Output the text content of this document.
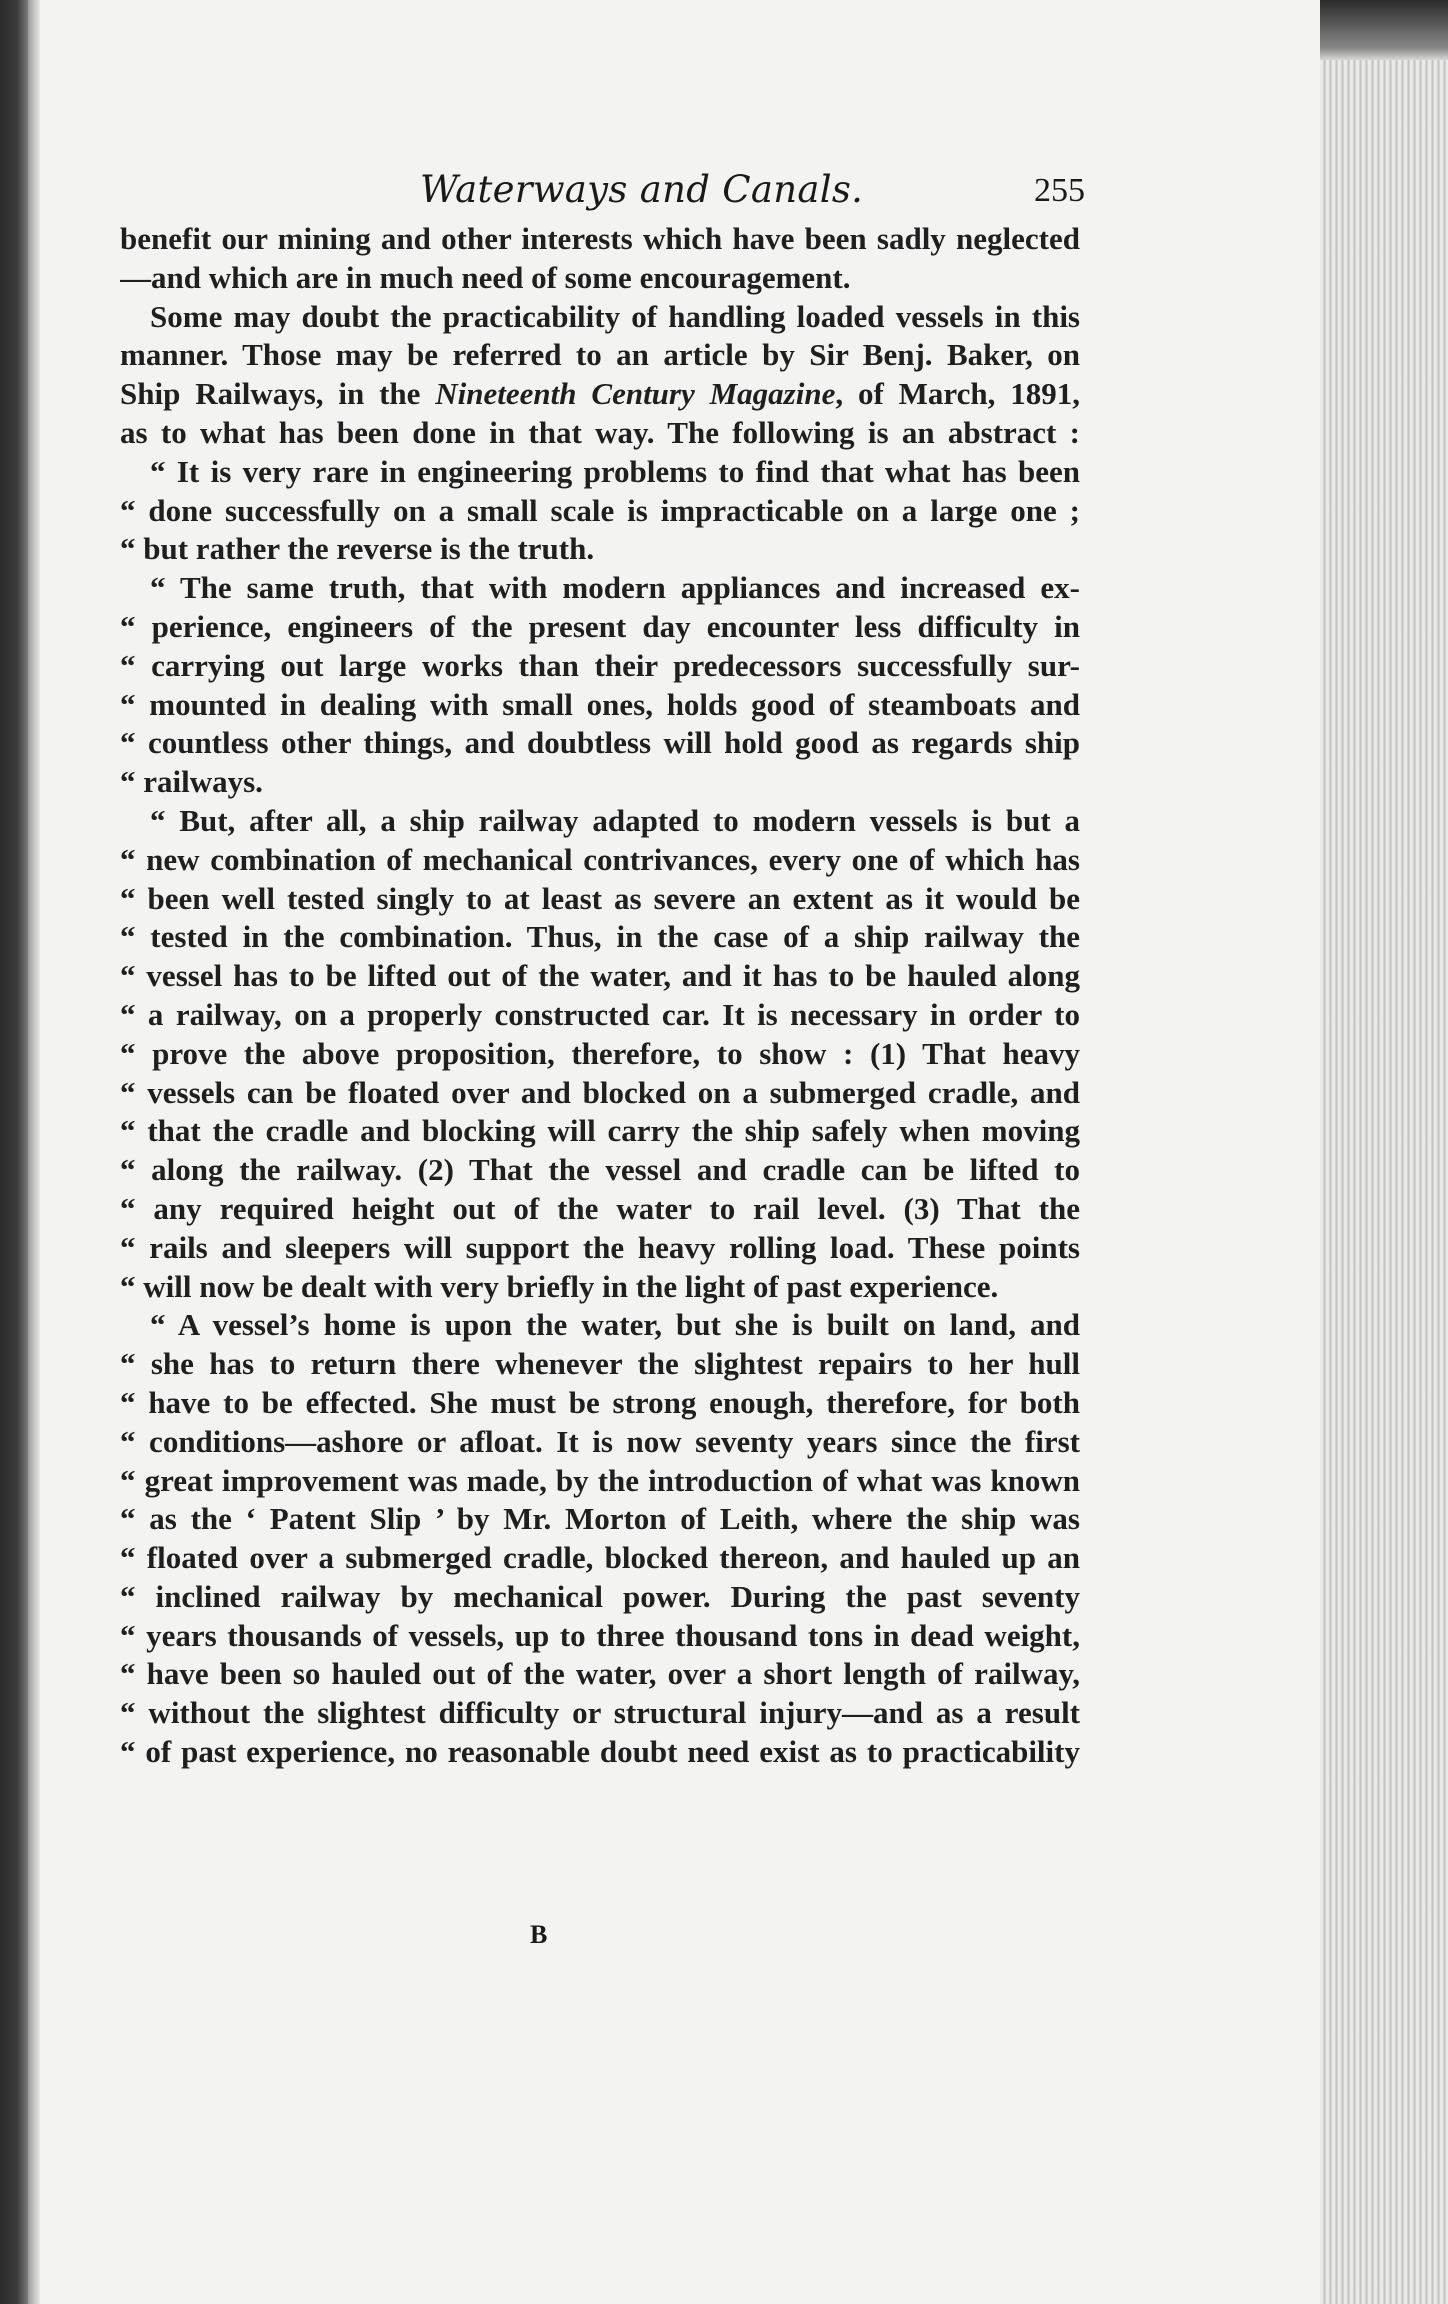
Waterways and Canals.	255
benefit our mining and other interests which have been sadly neglected
—and which are in much need of some encouragement.
Some may doubt the practicability of handling loaded vessels in this
manner. Those may be referred to an article by Sir Benj. Baker, on
Ship Railways, in the Nineteenth Century Magazine, of March, 1891,
as to what has been done in that way. The following is an abstract :
“ It is very rare in engineering problems to find that what has been
“ done successfully on a small scale is impracticable on a large one ;
“ but rather the reverse is the truth.
“ The same truth, that with modern appliances and increased ex-
“ perience, engineers of the present day encounter less difficulty in
“ carrying out large works than their predecessors successfully sur-
“ mounted in dealing with small ones, holds good of steamboats and
“ countless other things, and doubtless will hold good as regards ship
“ railways.
“ But, after all, a ship railway adapted to modern vessels is but a
“ new combination of mechanical contrivances, every one of which has
“ been well tested singly to at least as severe an extent as it would be
“ tested in the combination. Thus, in the case of a ship railway the
“ vessel has to be lifted out of the water, and it has to be hauled along
“ a railway, on a properly constructed car. It is necessary in order to
“ prove the above proposition, therefore, to show : (1) That heavy
“ vessels can be floated over and blocked on a submerged cradle, and
“ that the cradle and blocking will carry the ship safely when moving
“ along the railway. (2) That the vessel and cradle can be lifted to
“ any required height out of the water to rail level. (3) That the
“ rails and sleepers will support the heavy rolling load. These points
“ will now be dealt with very briefly in the light of past experience.
“ A vessel’s home is upon the water, but she is built on land, and
“ she has to return there whenever the slightest repairs to her hull
“ have to be effected. She must be strong enough, therefore, for both
“ conditions—ashore or afloat. It is now seventy years since the first
“ great improvement was made, by the introduction of what was known
“ as the ‘ Patent Slip ’ by Mr. Morton of Leith, where the ship was
“ floated over a submerged cradle, blocked thereon, and hauled up an
“ inclined railway by mechanical power. During the past seventy
“ years thousands of vessels, up to three thousand tons in dead weight,
“ have been so hauled out of the water, over a short length of railway,
“ without the slightest difficulty or structural injury—and as a result
“ of past experience, no reasonable doubt need exist as to practicability
B
